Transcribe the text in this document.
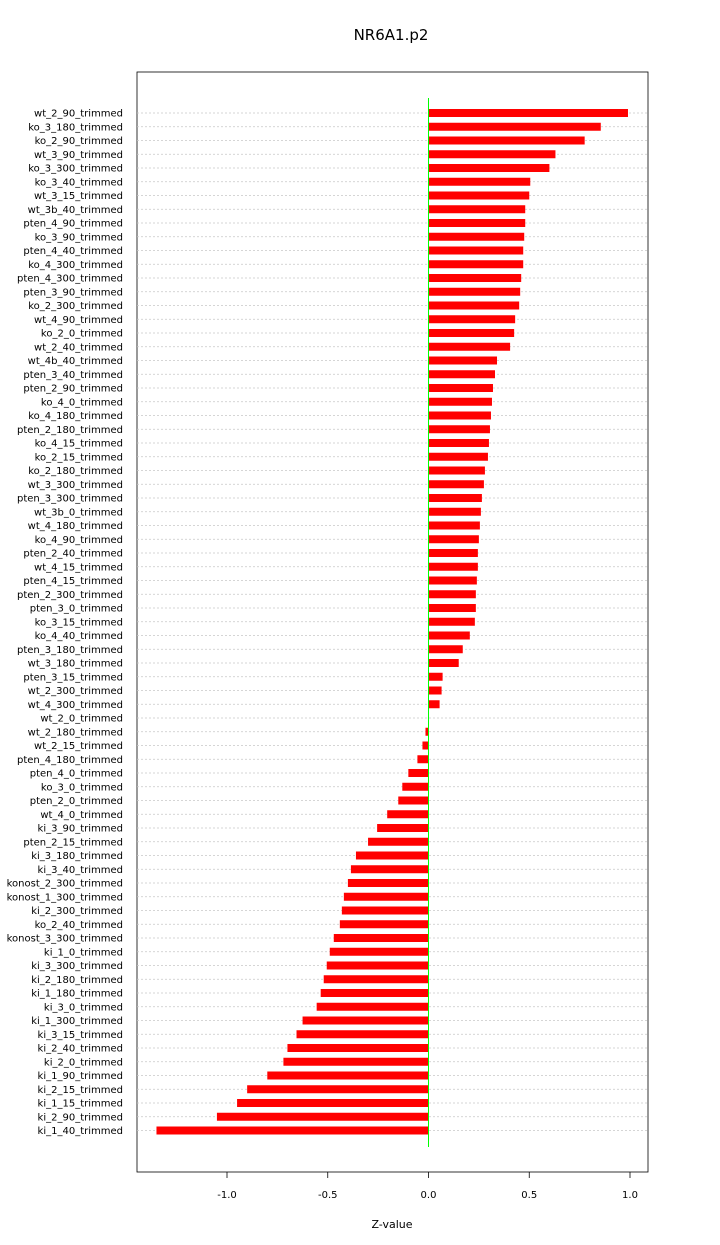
NR6A1.p2
wt_2_90_trimmed
ko_3_180_trimmed
ko_2_90_trimmed
wt_3_90_trimmed
ko_3_300_trimmed
ko_3_40_trimmed
wt_3_15_trimmed
wt_3b_40_trimmed
pten_4_90_trimmed
ko_3_90_trimmed
pten_4_40_trimmed
ko_4_300_trimmed
pten_4_300_trimmed
pten_3_90_trimmed
ko_2_300_trimmed
wt_4_90_trimmed
ko_2_0_trimmed
wt_2_40_trimmed
wt_4b_40_trimmed
pten_3_40_trimmed
pten_2_90_trimmed
ko_4_0_trimmed
ko_4_180_trimmed
pten_2_180_trimmed
ko_4_15_trimmed
ko_2_15_trimmed
ko_2_180_trimmed
wt_3_300_trimmed
pten_3_300_trimmed
wt_3b_0_trimmed
wt_4_180_trimmed
ko_4_90_trimmed
pten_2_40_trimmed
wt_4_15_trimmed
pten_4_15_trimmed
pten_2_300_trimmed
pten_3_0_trimmed
ko_3_15_trimmed
ko_4_40_trimmed
pten_3_180_trimmed
wt_3_180_trimmed
pten_3_15_trimmed
wt_2_300_trimmed
wt_4_300_trimmed
wt_2_0_trimmed
wt_2_180_trimmed
wt_2_15_trimmed
pten_4_180_trimmed
pten_4_0_trimmed
ko_3_0_trimmed
pten_2_0_trimmed
wt_4_0_trimmed
ki_3_90_trimmed
pten_2_15_trimmed
ki_3_180_trimmed
ki_3_40_trimmed
konost_2_300_trimmed
konost_1_300_trimmed
ki_2_300_trimmed
ko_2_40_trimmed
konost_3_300_trimmed
ki_1_0_trimmed
ki_3_300_trimmed
ki_2_180_trimmed
ki_1_180_trimmed
ki_3_0_trimmed
ki_1_300_trimmed
ki_3_15_trimmed
ki_2_40_trimmed
ki_2_0_trimmed
ki_1_90_trimmed
ki_2_15_trimmed
ki_1_15_trimmed
ki_2_90_trimmed
ki_1_40_trimmed
-1.0	-0.5	0.0	0.5	1.0
Z-value
